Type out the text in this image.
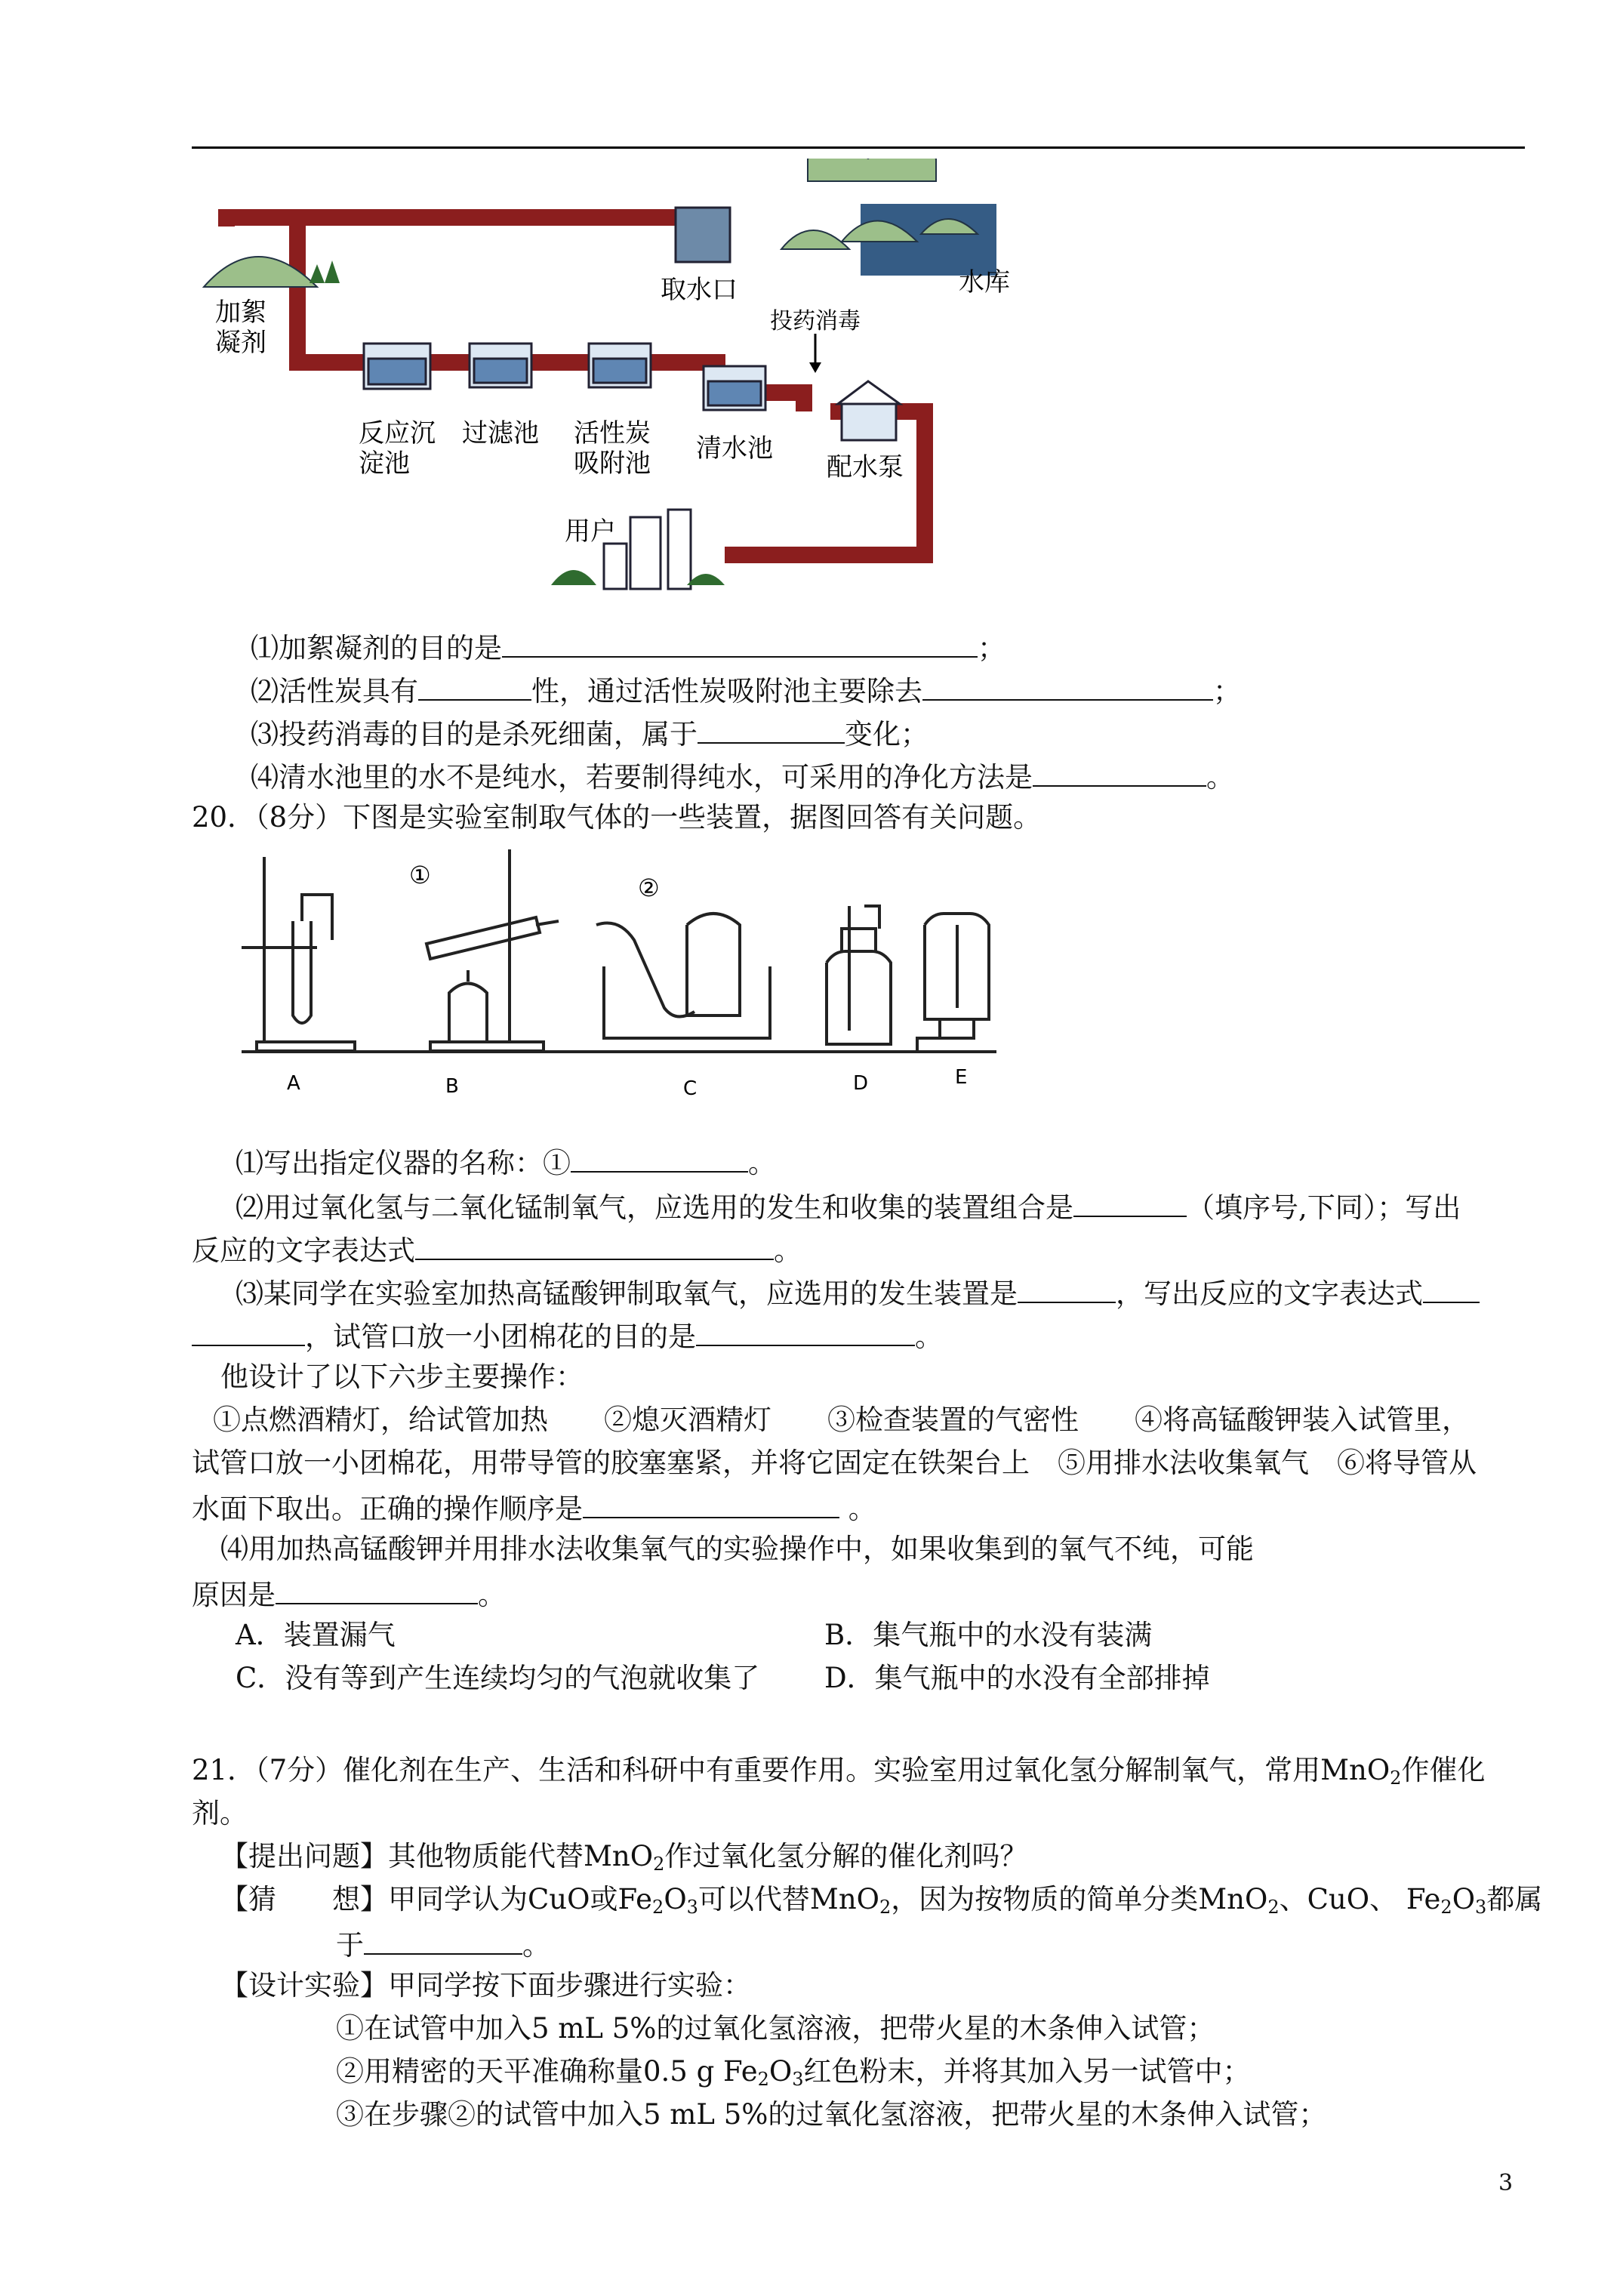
加絮
凝剂
取水口	水库
投药消毒
反应沉
淀池
过滤池 活性炭
吸附池 清水池
配水泵
用户
⑴加絮凝剂的目的是	；
⑵活性炭具有	性，通过活性炭吸附池主要除去	；
⑶投药消毒的目的是杀死细菌，属于	变化；
⑷清水池里的水不是纯水，若要制得纯水，可采用的净化方法是	。
20．（8分）下图是实验室制取气体的一些装置，据图回答有关问题。
A	B	C	D	E
①	②
⑴写出指定仪器的名称：①	。
⑵用过氧化氢与二氧化锰制氧气，应选用的发生和收集的装置组合是	（填序号,下同）；写出
反应的文字表达式	。
⑶某同学在实验室加热高锰酸钾制取氧气，应选用的发生装置是	，写出反应的文字表达式
，试管口放一小团棉花的目的是	。
他设计了以下六步主要操作：
①点燃酒精灯，给试管加热　　②熄灭酒精灯　　③检查装置的气密性　　④将高锰酸钾装入试管里，
试管口放一小团棉花，用带导管的胶塞塞紧，并将它固定在铁架台上　⑤用排水法收集氧气　⑥将导管从
水面下取出。正确的操作顺序是	。
⑷用加热高锰酸钾并用排水法收集氧气的实验操作中，如果收集到的氧气不纯，可能
原因是	。
A．装置漏气	B．集气瓶中的水没有装满
C．没有等到产生连续均匀的气泡就收集了 D．集气瓶中的水没有全部排掉
21．（7分）催化剂在生产、生活和科研中有重要作用。实验室用过氧化氢分解制氧气，常用MnO$_2$作催化
剂。
【提出问题】其他物质能代替MnO$_2$作过氧化氢分解的催化剂吗？
【猜　　想】甲同学认为CuO或$Fe_2O_3$可以代替MnO$_2$，因为按物质的简单分类MnO$_2$、CuO、 $Fe_2O_3$都属
于	。
【设计实验】甲同学按下面步骤进行实验：
①在试管中加入5 mL 5%的过氧化氢溶液，把带火星的木条伸入试管；
②用精密的天平准确称量0.5 g $Fe_2O_3$红色粉末，并将其加入另一试管中；
③在步骤②的试管中加入5 mL 5%的过氧化氢溶液，把带火星的木条伸入试管；
3
